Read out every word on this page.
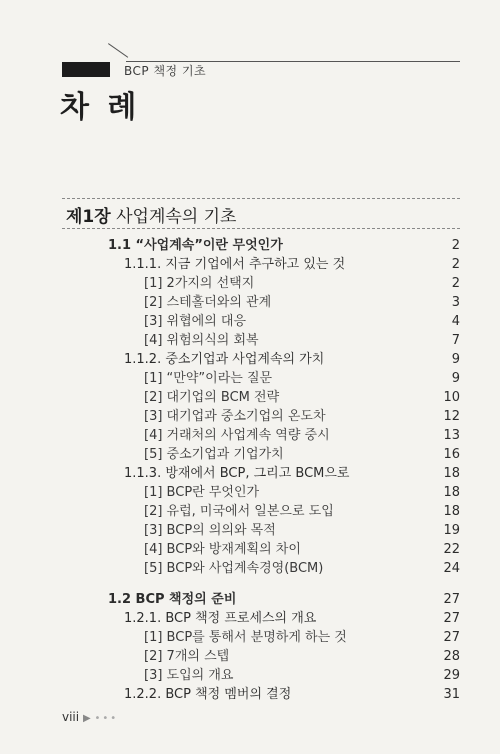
BCP 책정 기초
차 례
제1장 사업계속의 기초
1.1 “사업계속”이란 무엇인가	2
1.1.1. 지금 기업에서 추구하고 있는 것	2
[1] 2가지의 선택지	2
[2] 스테홀더와의 관계	3
[3] 위협에의 대응	4
[4] 위험의식의 회복	7
1.1.2. 중소기업과 사업계속의 가치	9
[1] “만약”이라는 질문	9
[2] 대기업의 BCM 전략	10
[3] 대기업과 중소기업의 온도차	12
[4] 거래처의 사업계속 역량 중시	13
[5] 중소기업과 기업가치	16
1.1.3. 방재에서 BCP, 그리고 BCM으로	18
[1] BCP란 무엇인가	18
[2] 유럽, 미국에서 일본으로 도입	18
[3] BCP의 의의와 목적	19
[4] BCP와 방재계획의 차이	22
[5] BCP와 사업계속경영(BCM)	24
1.2 BCP 책정의 준비	27
1.2.1. BCP 책정 프로세스의 개요	27
[1] BCP를 통해서 분명하게 하는 것	27
[2] 7개의 스텝	28
[3] 도입의 개요	29
1.2.2. BCP 책정 멤버의 결정	31
viii ▶ •••
